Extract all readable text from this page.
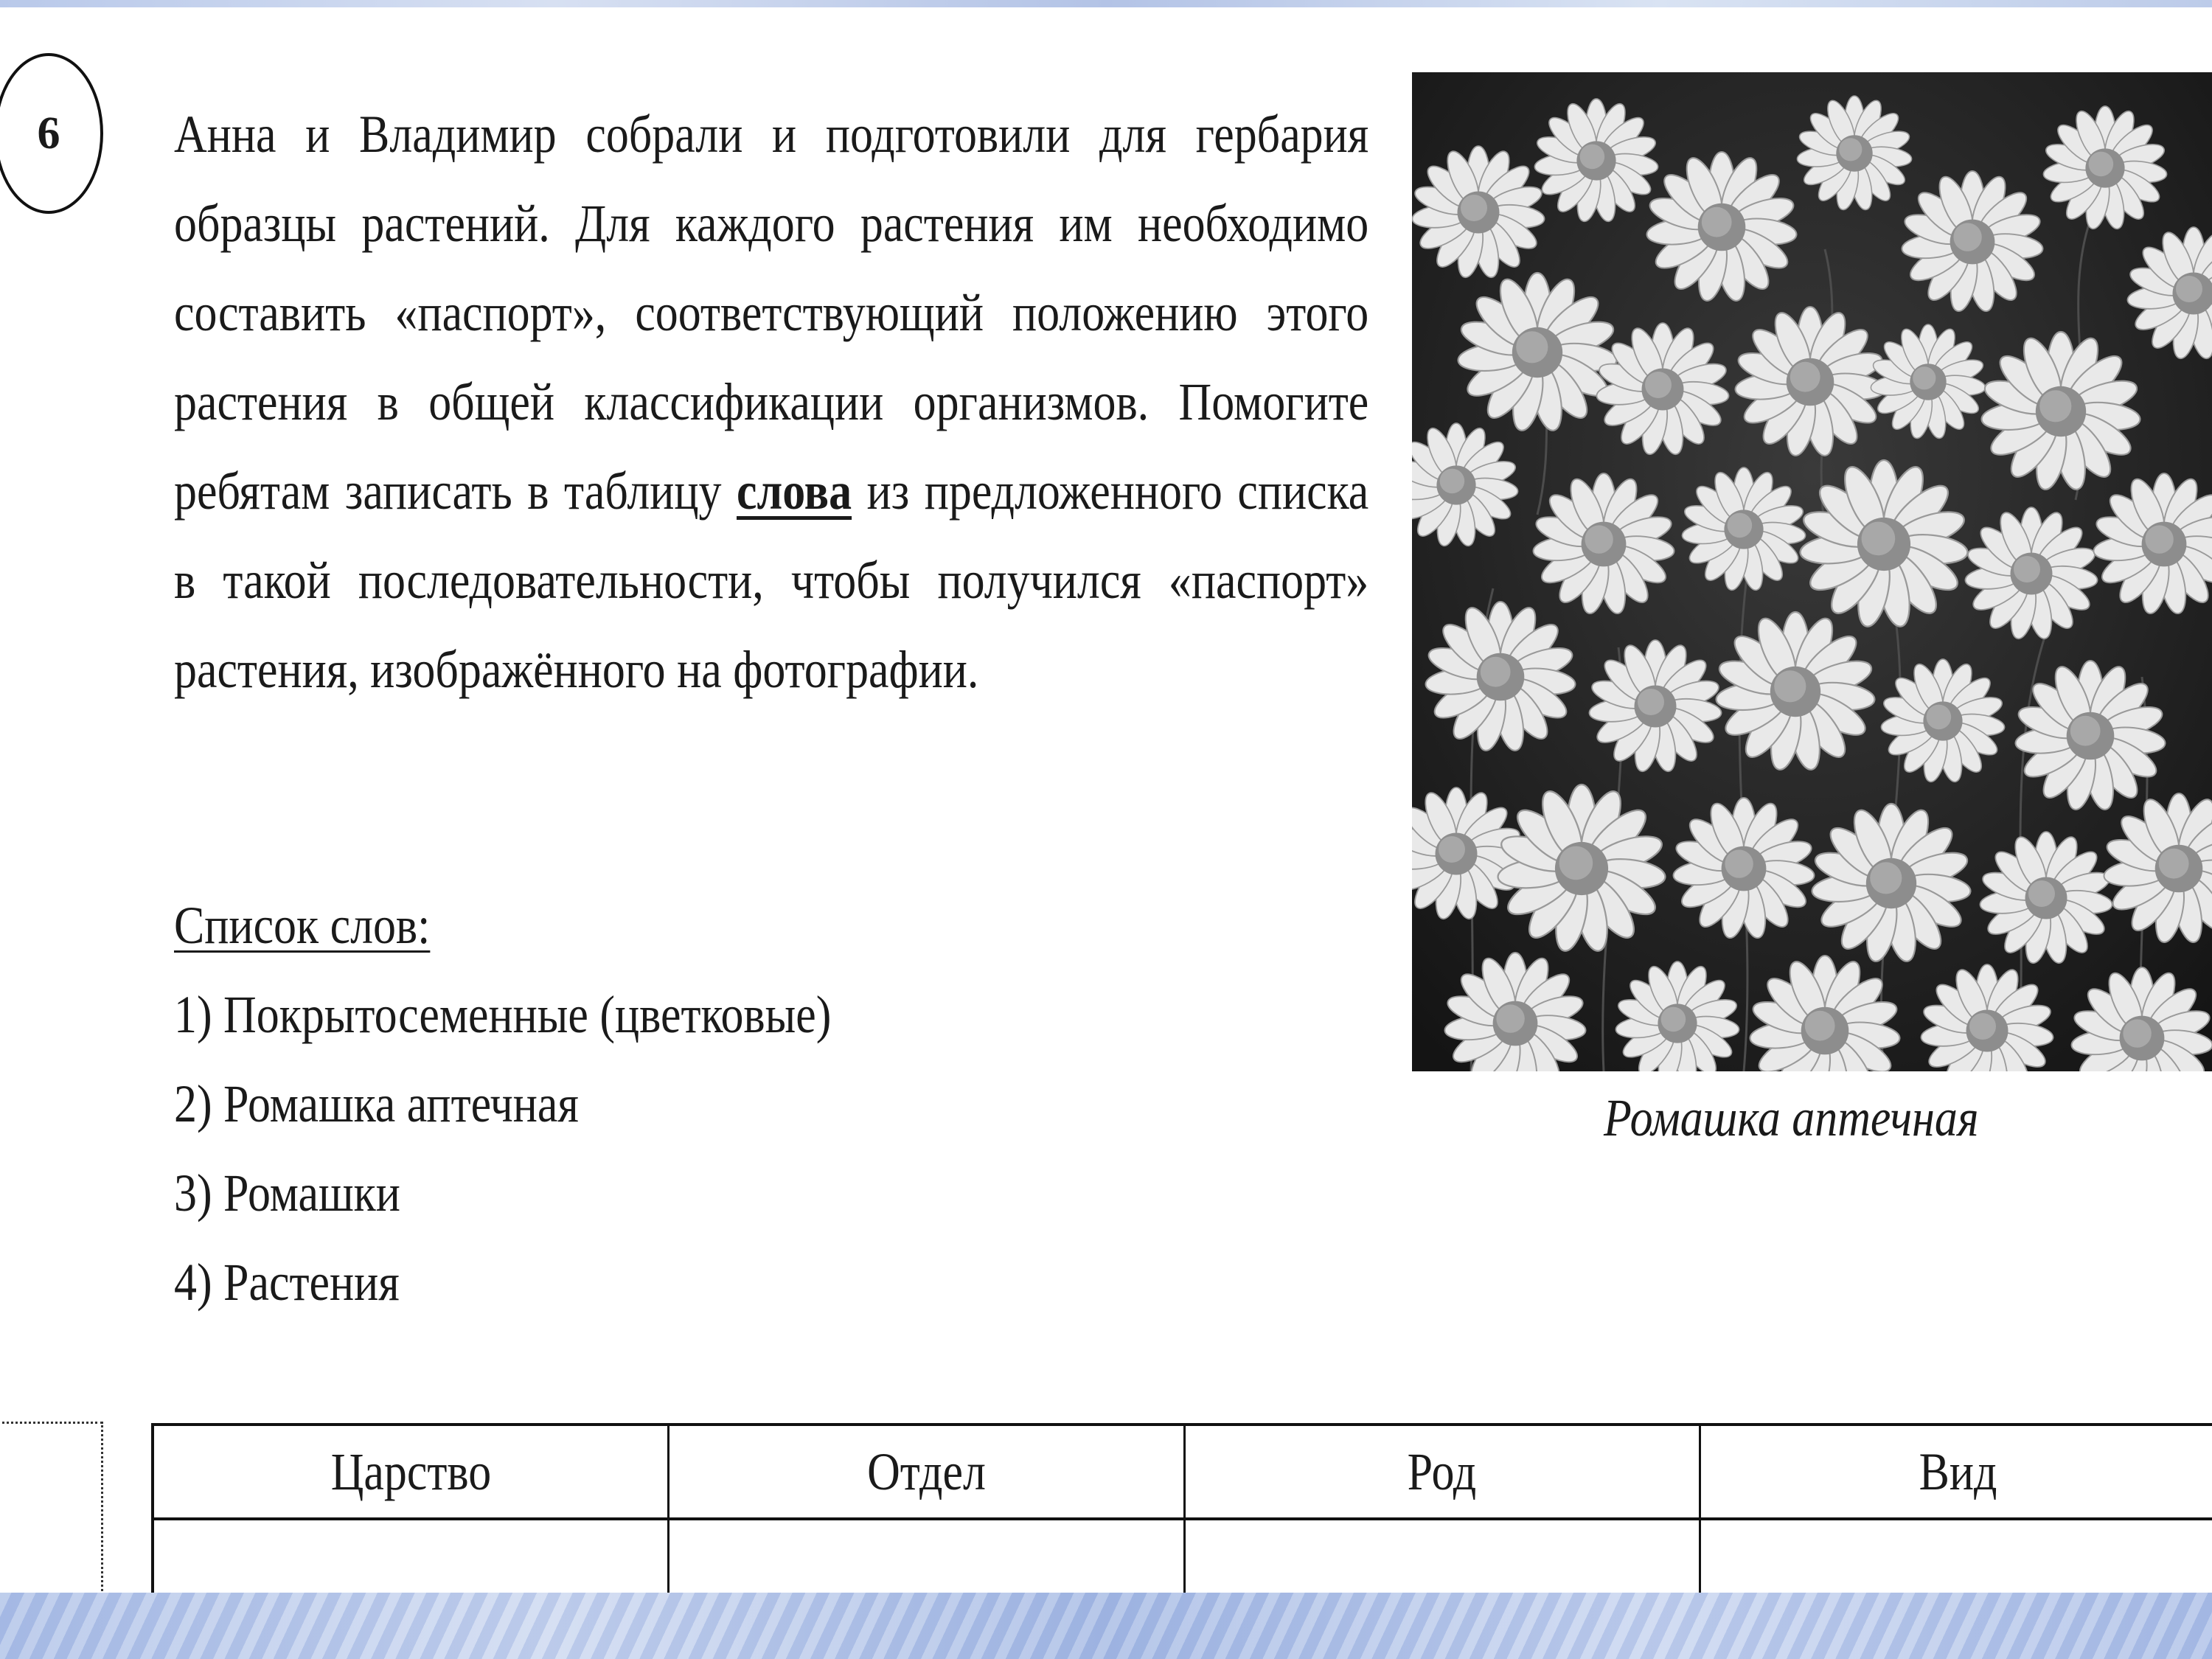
6 Анна и Владимир собрали и подготовили для гербария образцы растений. Для каждого растения им необходимо составить «паспорт», соответствующий положению этого растения в общей классификации организмов. Помогите ребятам записать в таблицу слова из предложенного списка в такой последовательности, чтобы получился «паспорт» растения, изображённого на фотографии.
Список слов:
1) Покрытосеменные (цветковые)
2) Ромашка аптечная
3) Ромашки
4) Растения
Ромашка аптечная
Царство	Отдел	Род	Вид
